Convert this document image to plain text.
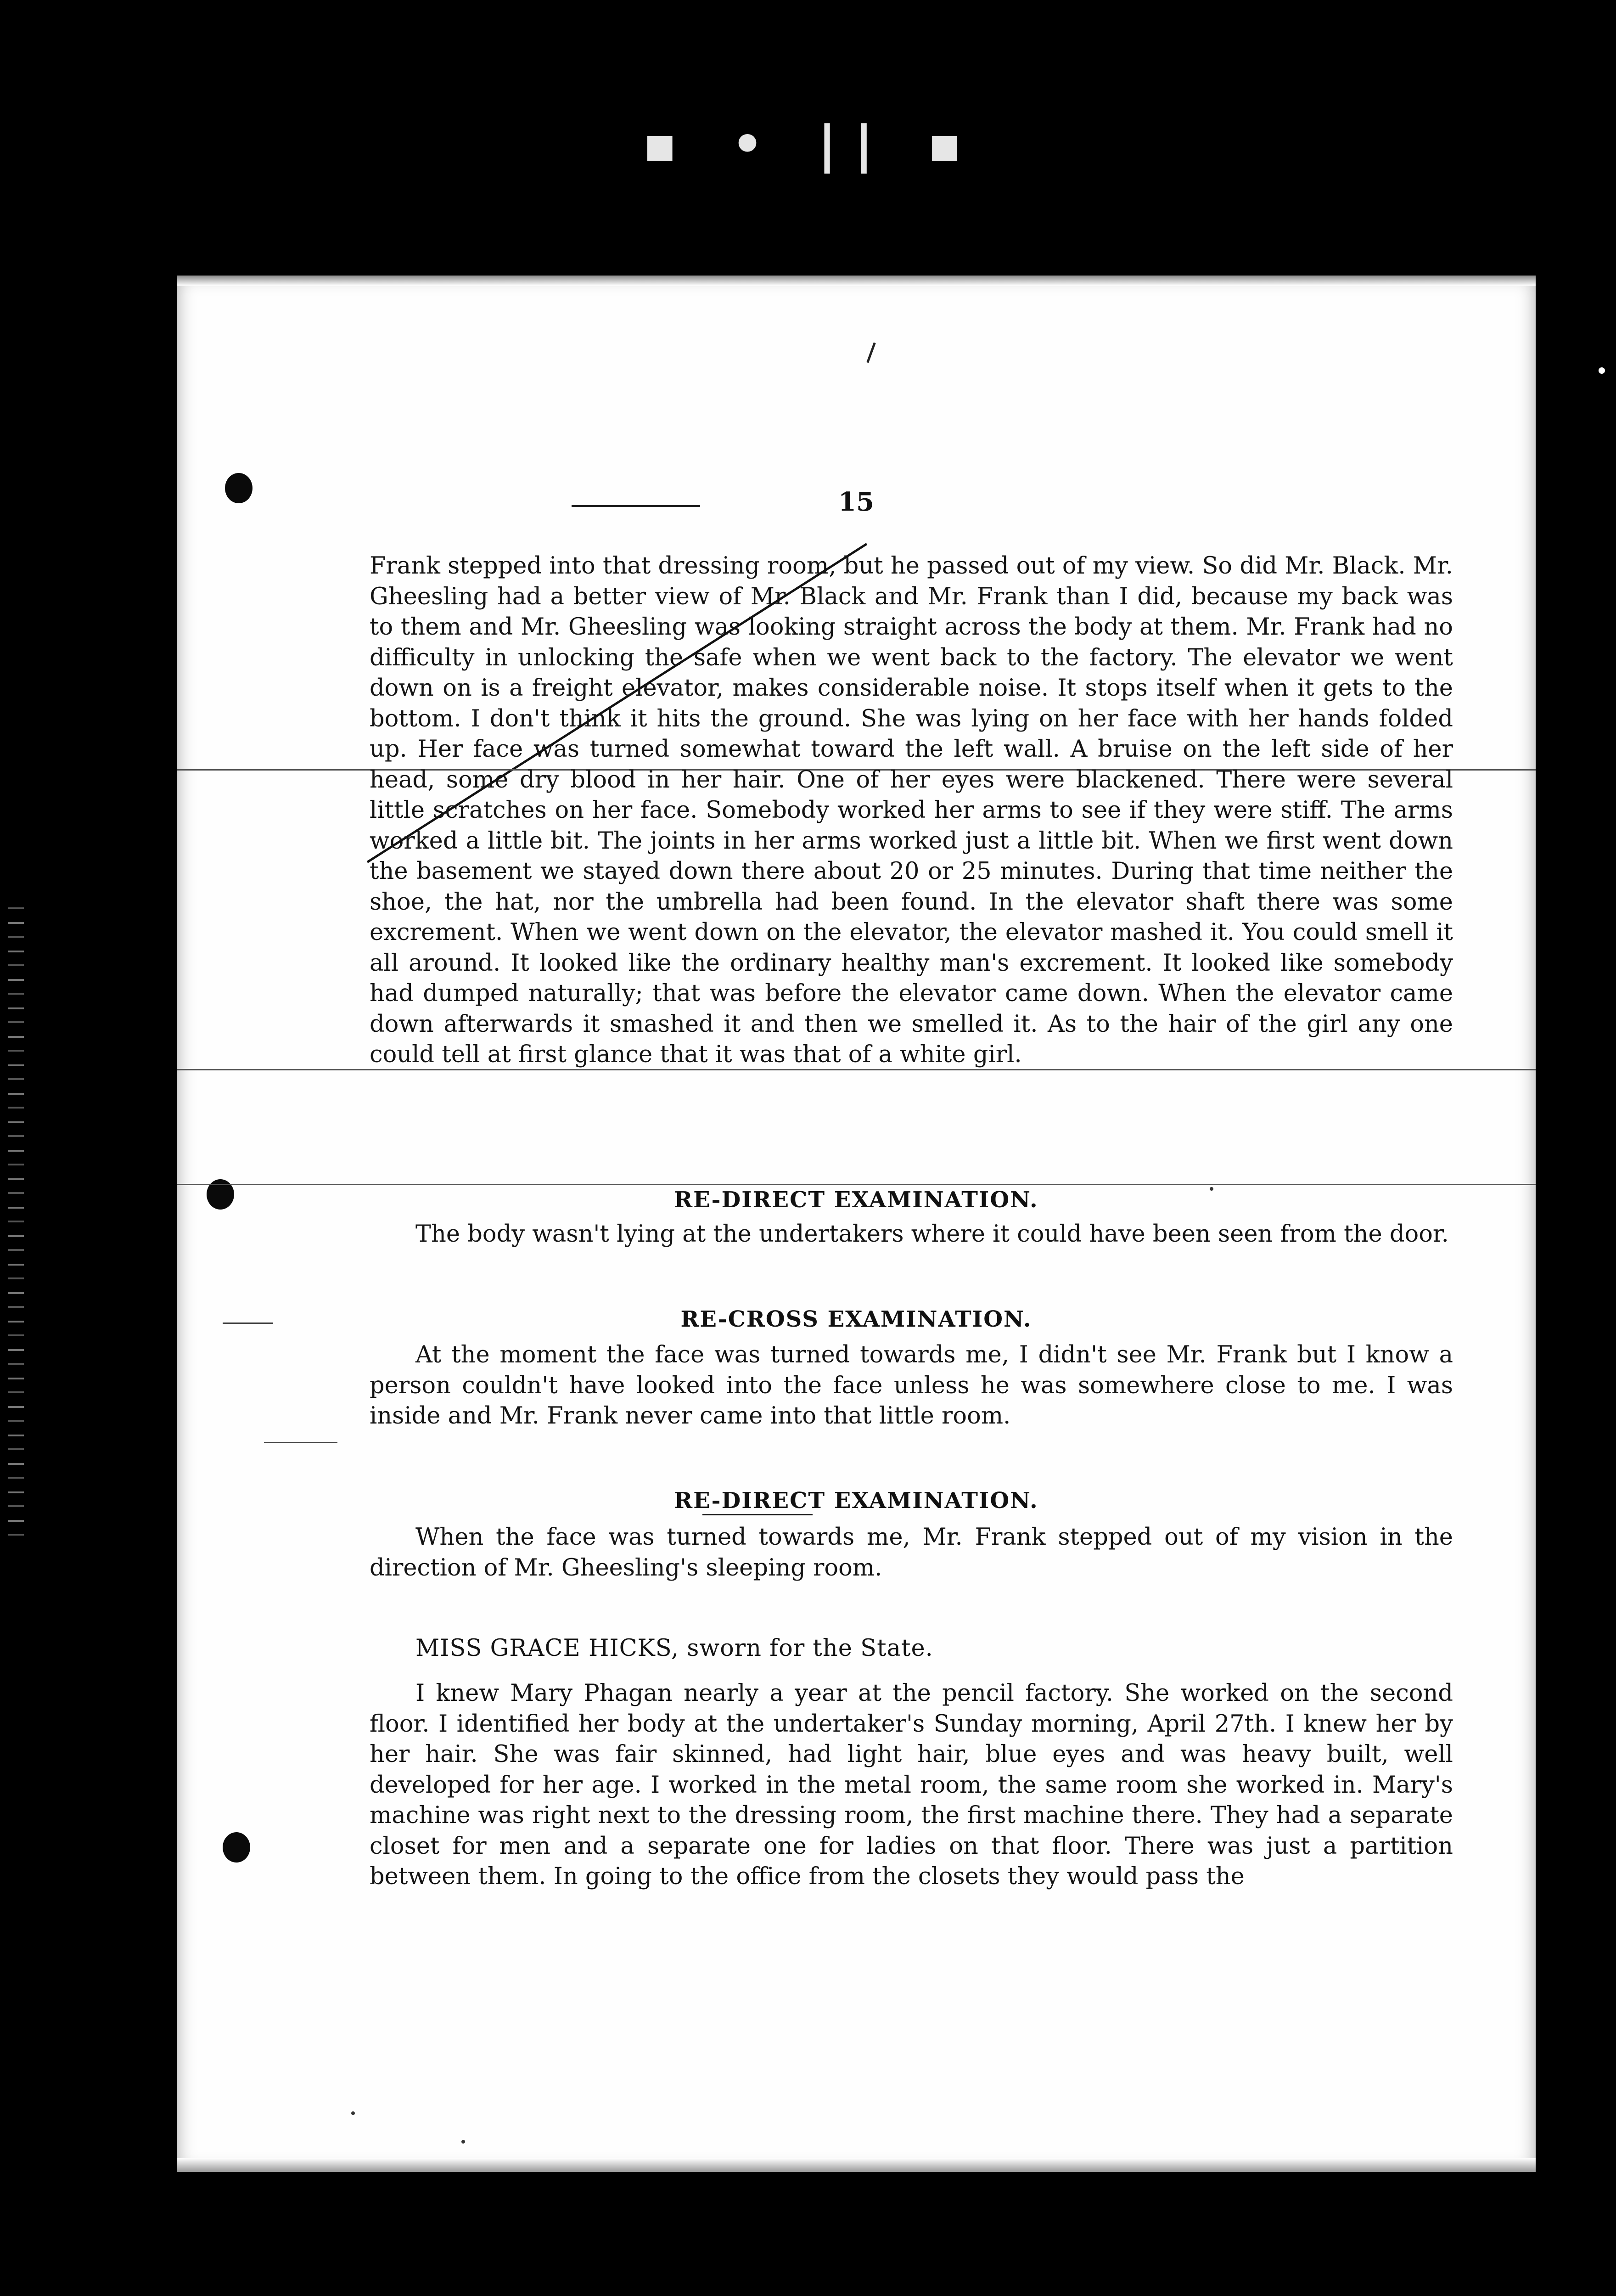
▪ • || ▪
15

Frank stepped into that dressing room, but he passed out of my view. So did Mr. Black. Mr. Gheesling had a better view of Mr. Black and Mr. Frank than I did, because my back was to them and Mr. Gheesling was looking straight across the body at them. Mr. Frank had no difficulty in unlocking the safe when we went back to the factory. The elevator we went down on is a freight elevator, makes considerable noise. It stops itself when it gets to the bottom. I don't think it hits the ground. She was lying on her face with her hands folded up. Her face was turned somewhat toward the left wall. A bruise on the left side of her head, some dry blood in her hair. One of her eyes were blackened. There were several little scratches on her face. Somebody worked her arms to see if they were stiff. The arms worked a little bit. The joints in her arms worked just a little bit. When we first went down the basement we stayed down there about 20 or 25 minutes. During that time neither the shoe, the hat, nor the umbrella had been found. In the elevator shaft there was some excrement. When we went down on the elevator, the elevator mashed it. You could smell it all around. It looked like the ordinary healthy man's excrement. It looked like somebody had dumped naturally; that was before the elevator came down. When the elevator came down afterwards it smashed it and then we smelled it. As to the hair of the girl any one could tell at first glance that it was that of a white girl.

RE-DIRECT EXAMINATION.

The body wasn't lying at the undertakers where it could have been seen from the door.

RE-CROSS EXAMINATION.

At the moment the face was turned towards me, I didn't see Mr. Frank but I know a person couldn't have looked into the face unless he was somewhere close to me. I was inside and Mr. Frank never came into that little room.

RE-DIRECT EXAMINATION.

When the face was turned towards me, Mr. Frank stepped out of my vision in the direction of Mr. Gheesling's sleeping room.

MISS GRACE HICKS, sworn for the State.

I knew Mary Phagan nearly a year at the pencil factory. She worked on the second floor. I identified her body at the undertaker's Sunday morning, April 27th. I knew her by her hair. She was fair skinned, had light hair, blue eyes and was heavy built, well developed for her age. I worked in the metal room, the same room she worked in. Mary's machine was right next to the dressing room, the first machine there. They had a separate closet for men and a separate one for ladies on that floor. There was just a partition between them. In going to the office from the closets they would pass the
